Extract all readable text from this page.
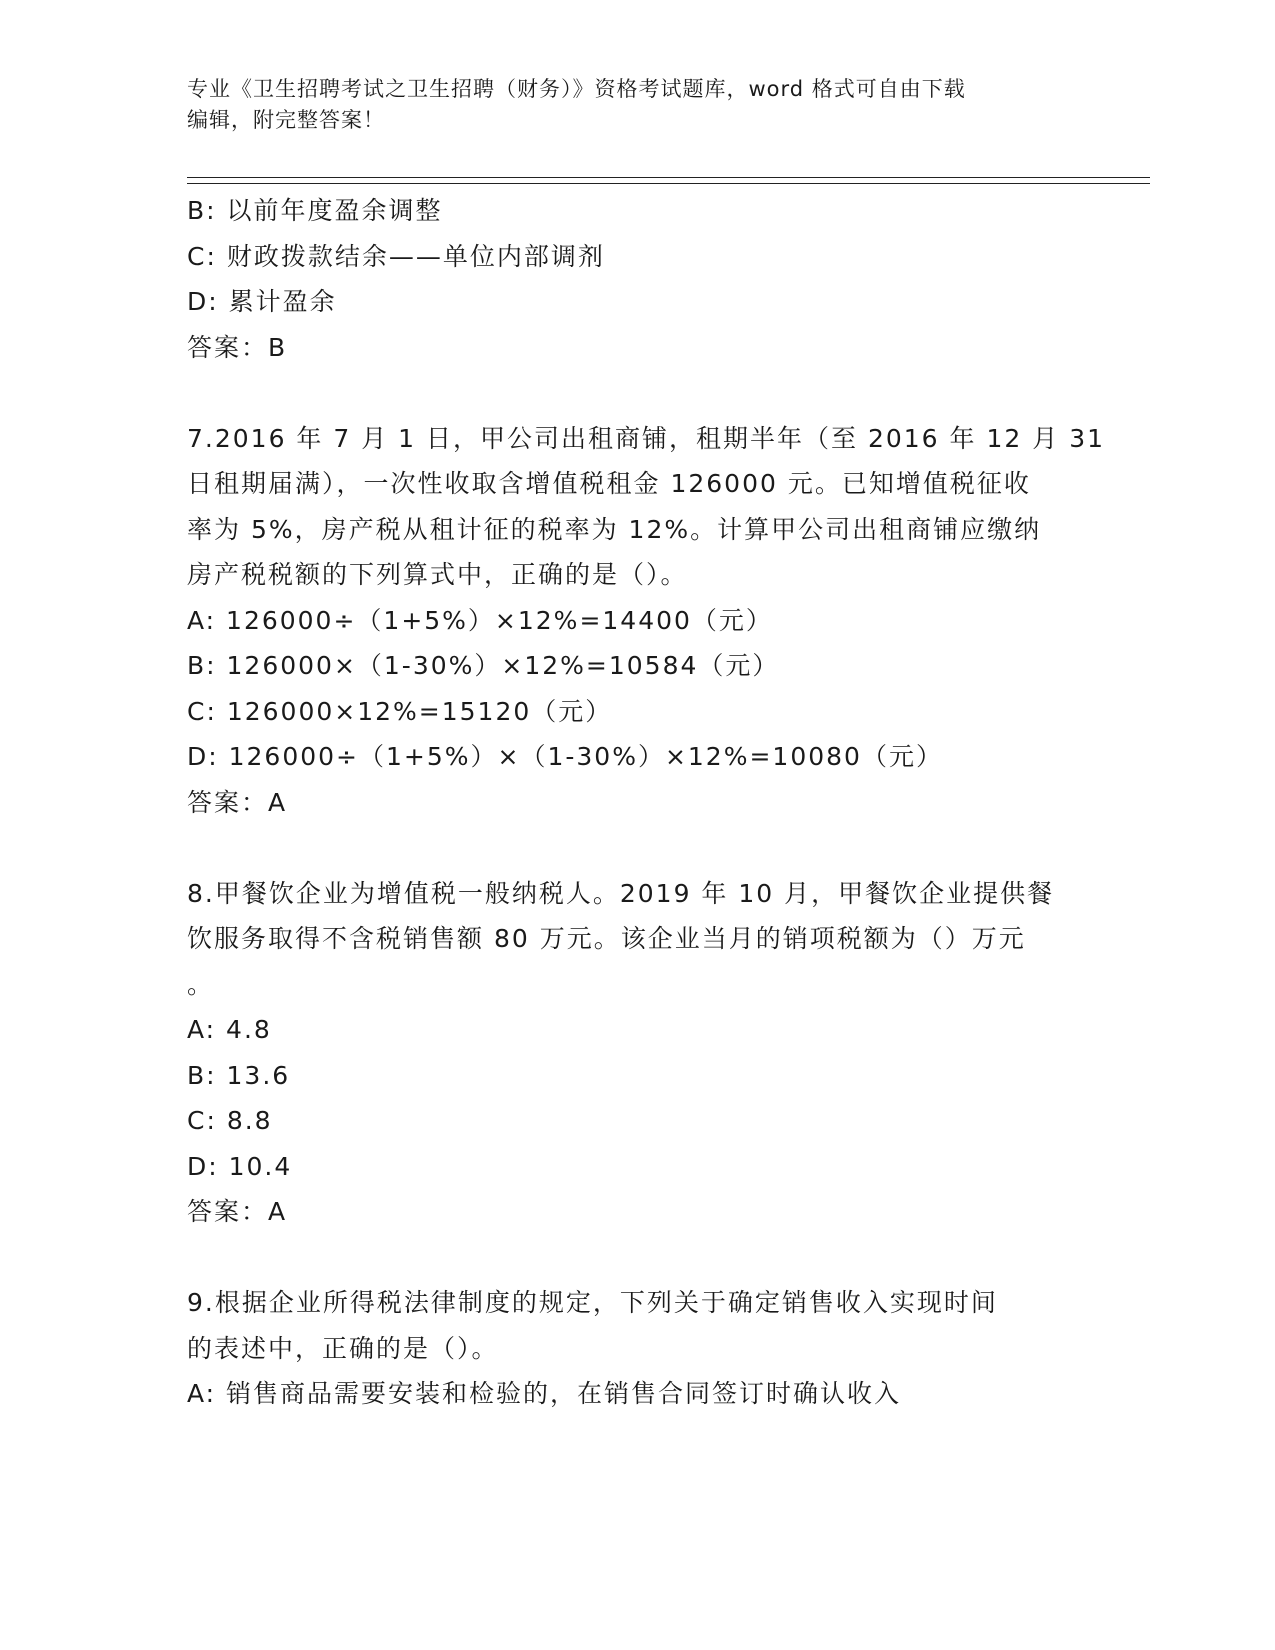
专业《卫生招聘考试之卫生招聘（财务）》资格考试题库，word 格式可自由下载
编辑，附完整答案！
B: 以前年度盈余调整
C: 财政拨款结余——单位内部调剂
D: 累计盈余
答案：B
7.2016 年 7 月 1 日，甲公司出租商铺，租期半年（至 2016 年 12 月 31
日租期届满），一次性收取含增值税租金 126000 元。已知增值税征收
率为 5%，房产税从租计征的税率为 12%。计算甲公司出租商铺应缴纳
房产税税额的下列算式中，正确的是（）。
A: 126000÷（1+5%）×12%=14400（元）
B: 126000×（1-30%）×12%=10584（元）
C: 126000×12%=15120（元）
D: 126000÷（1+5%）×（1-30%）×12%=10080（元）
答案：A
8.甲餐饮企业为增值税一般纳税人。2019 年 10 月，甲餐饮企业提供餐
饮服务取得不含税销售额 80 万元。该企业当月的销项税额为（）万元
。
A: 4.8
B: 13.6
C: 8.8
D: 10.4
答案：A
9.根据企业所得税法律制度的规定，下列关于确定销售收入实现时间
的表述中，正确的是（）。
A: 销售商品需要安装和检验的，在销售合同签订时确认收入
